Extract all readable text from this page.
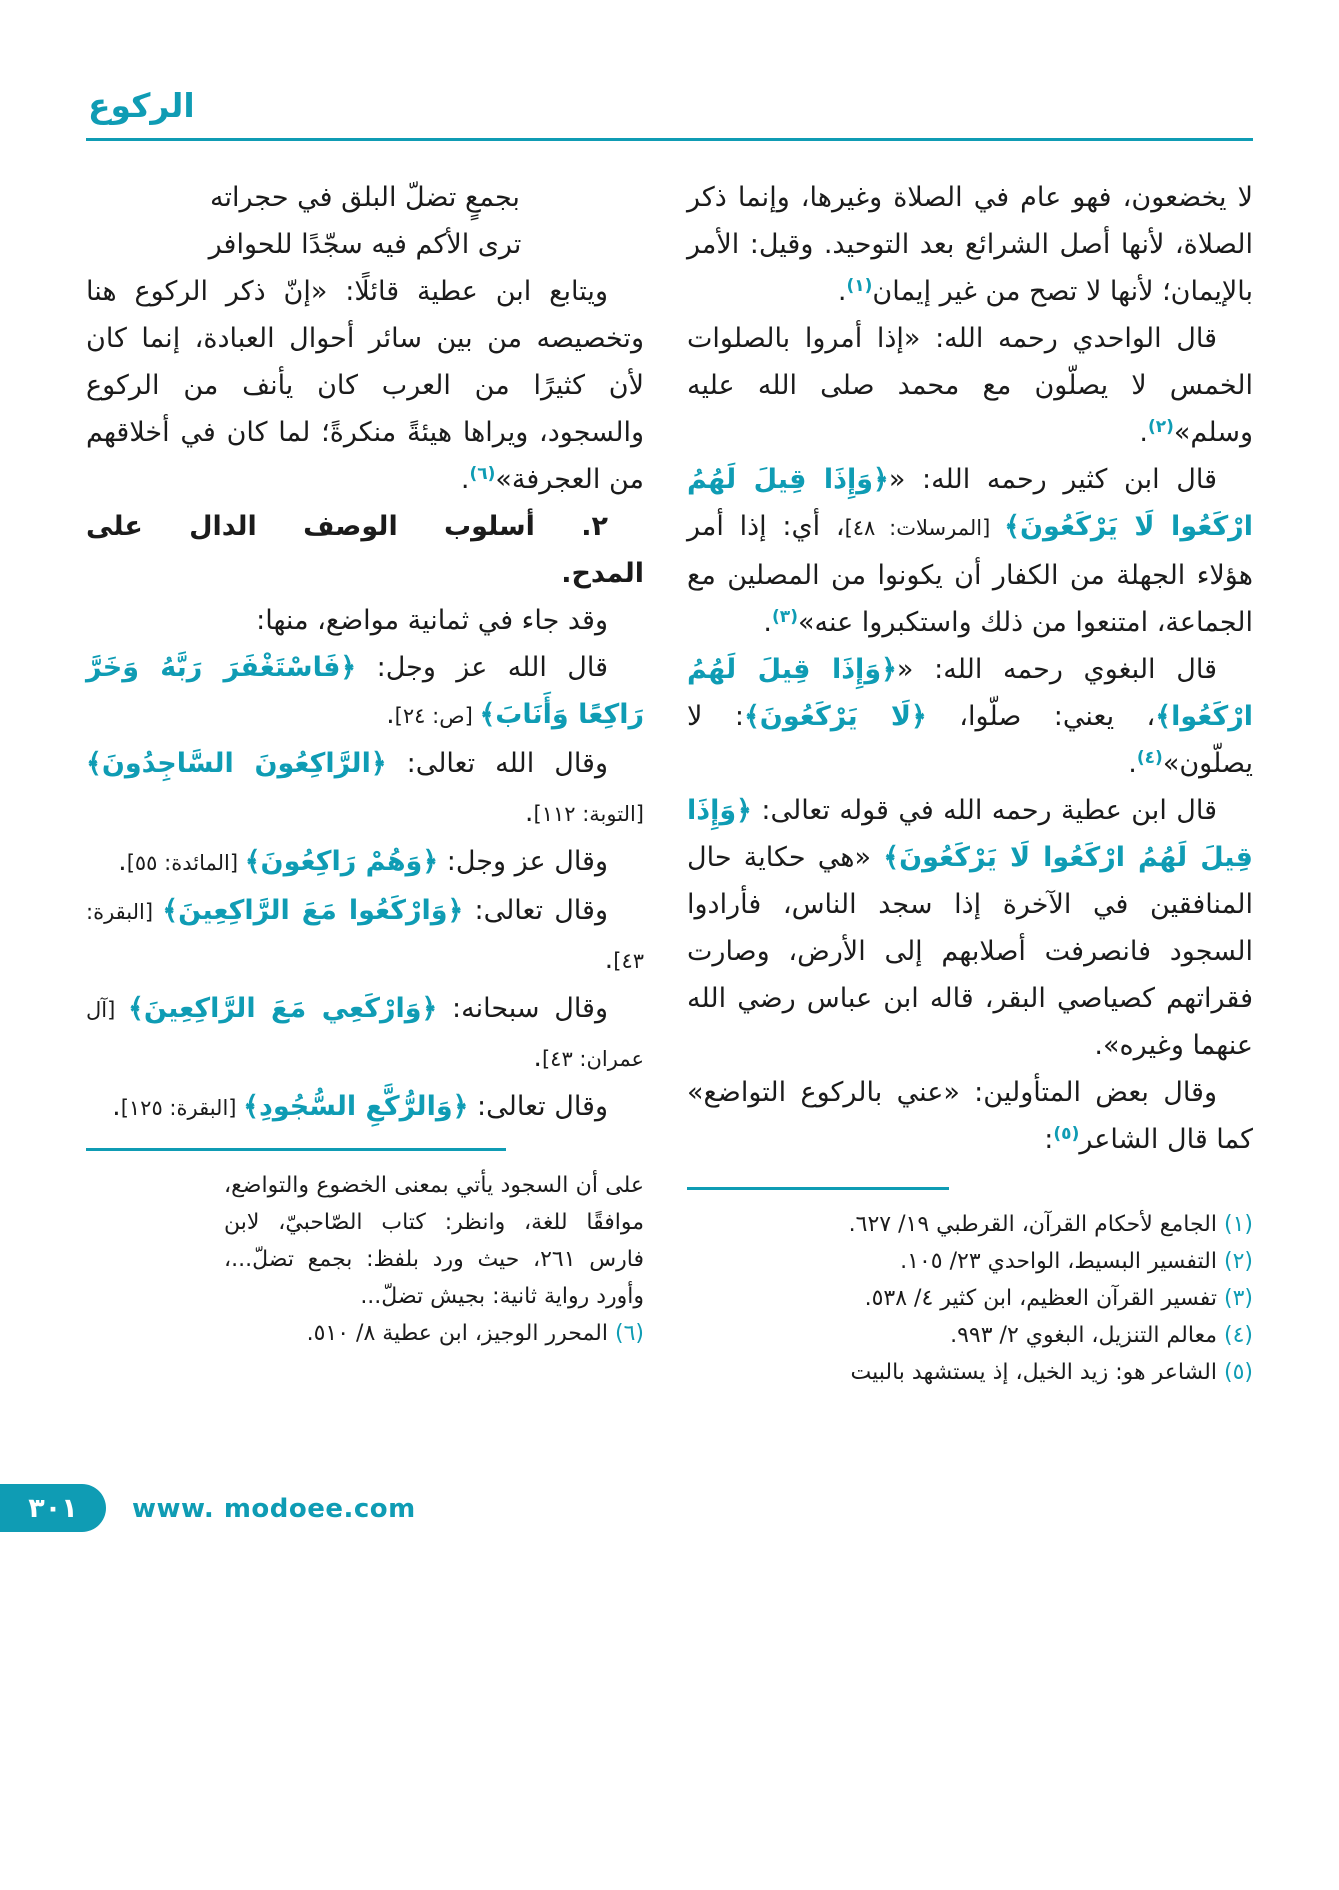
الركوع
لا يخضعون، فهو عام في الصلاة وغيرها، وإنما ذكر الصلاة، لأنها أصل الشرائع بعد التوحيد. وقيل: الأمر بالإيمان؛ لأنها لا تصح من غير إيمان$^{(١)}$.
قال الواحدي رحمه الله: «إذا أمروا بالصلوات الخمس لا يصلّون مع محمد صلى الله عليه وسلم»$^{(٢)}$.
قال ابن كثير رحمه الله: «﴿وَإِذَا قِيلَ لَهُمُ ارْكَعُوا لَا يَرْكَعُونَ﴾ [المرسلات: ٤٨]، أي: إذا أمر هؤلاء الجهلة من الكفار أن يكونوا من المصلين مع الجماعة، امتنعوا من ذلك واستكبروا عنه»$^{(٣)}$.
قال البغوي رحمه الله: «﴿وَإِذَا قِيلَ لَهُمُ ارْكَعُوا﴾، يعني: صلّوا، ﴿لَا يَرْكَعُونَ﴾: لا يصلّون»$^{(٤)}$.
قال ابن عطية رحمه الله في قوله تعالى: ﴿وَإِذَا قِيلَ لَهُمُ ارْكَعُوا لَا يَرْكَعُونَ﴾ «هي حكاية حال المنافقين في الآخرة إذا سجد الناس، فأرادوا السجود فانصرفت أصلابهم إلى الأرض، وصارت فقراتهم كصياصي البقر، قاله ابن عباس رضي الله عنهما وغيره».
وقال بعض المتأولين: «عني بالركوع التواضع» كما قال الشاعر$^{(٥)}$:
(١) الجامع لأحكام القرآن، القرطبي ١٩/ ٦٢٧.
(٢) التفسير البسيط، الواحدي ٢٣/ ١٠٥.
(٣) تفسير القرآن العظيم، ابن كثير ٤/ ٥٣٨.
(٤) معالم التنزيل، البغوي ٢/ ٩٩٣.
(٥) الشاعر هو: زيد الخيل، إذ يستشهد بالبيت
بجمعٍ تضلّ البلق في حجراته
ترى الأكم فيه سجّدًا للحوافر
ويتابع ابن عطية قائلًا: «إنّ ذكر الركوع هنا وتخصيصه من بين سائر أحوال العبادة، إنما كان لأن كثيرًا من العرب كان يأنف من الركوع والسجود، ويراها هيئةً منكرةً؛ لما كان في أخلاقهم من العجرفة»$^{(٦)}$.
٢. أسلوب الوصف الدال على المدح.
وقد جاء في ثمانية مواضع، منها:
قال الله عز وجل: ﴿فَاسْتَغْفَرَ رَبَّهُ وَخَرَّ رَاكِعًا وَأَنَابَ﴾ [ص: ٢٤].
وقال الله تعالى: ﴿الرَّاكِعُونَ السَّاجِدُونَ﴾ [التوبة: ١١٢].
وقال عز وجل: ﴿وَهُمْ رَاكِعُونَ﴾ [المائدة: ٥٥].
وقال تعالى: ﴿وَارْكَعُوا مَعَ الرَّاكِعِينَ﴾ [البقرة: ٤٣].
وقال سبحانه: ﴿وَارْكَعِي مَعَ الرَّاكِعِينَ﴾ [آل عمران: ٤٣].
وقال تعالى: ﴿وَالرُّكَّعِ السُّجُودِ﴾ [البقرة: ١٢٥].
على أن السجود يأتي بمعنى الخضوع والتواضع، موافقًا للغة، وانظر: كتاب الصّاحبيّ، لابن فارس ٢٦١، حيث ورد بلفظ: بجمع تضلّ...، وأورد رواية ثانية: بجيش تضلّ...
(٦) المحرر الوجيز، ابن عطية ٨/ ٥١٠.
٣٠١ www. modoee.com
